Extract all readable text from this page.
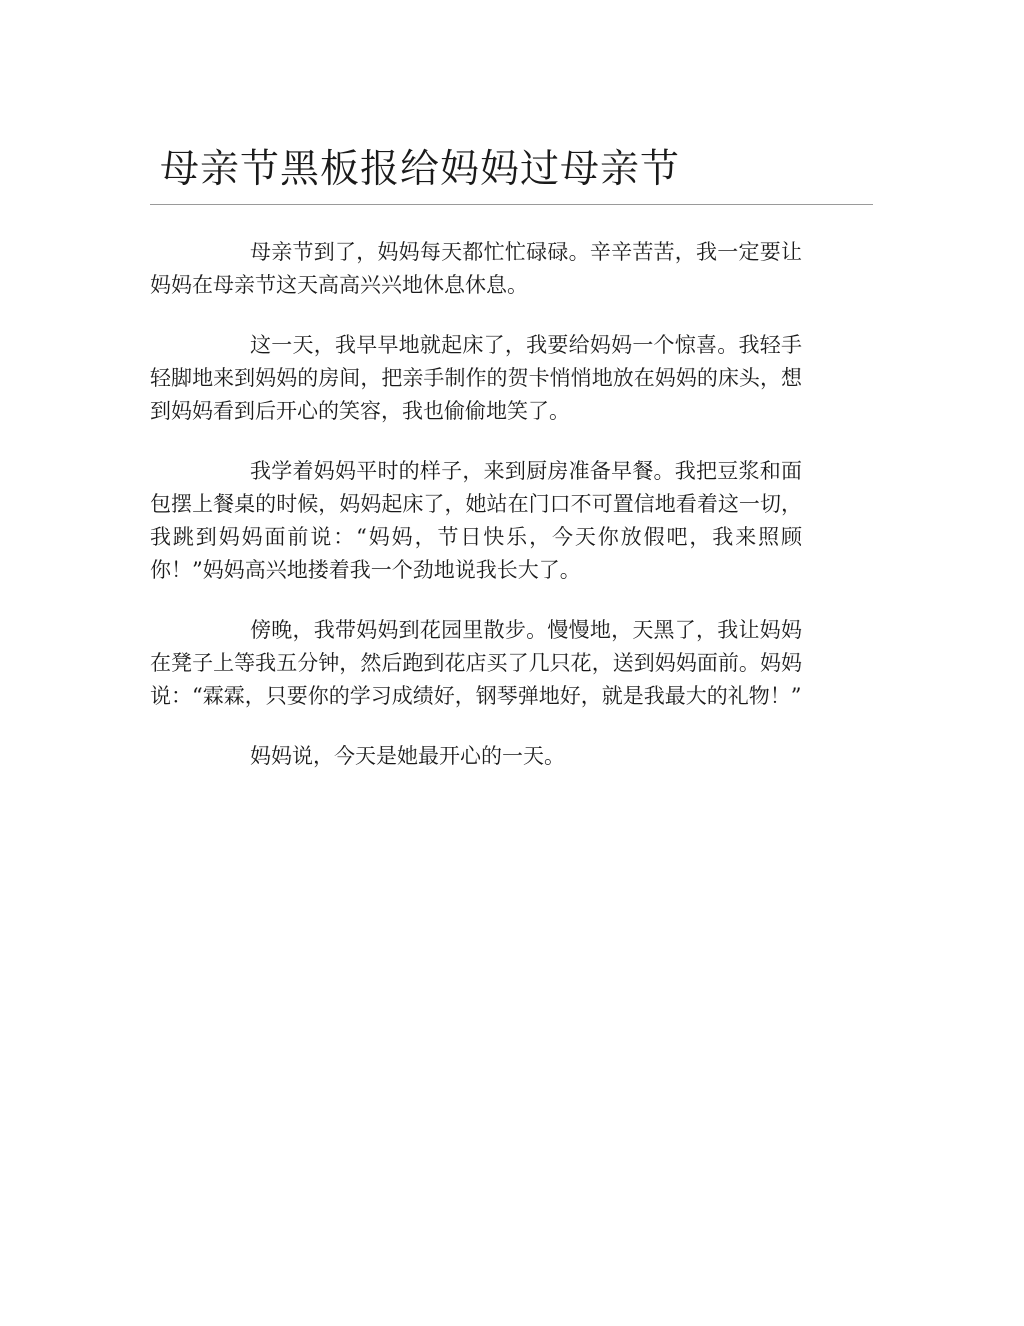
母亲节黑板报给妈妈过母亲节

母亲节到了，妈妈每天都忙忙碌碌。辛辛苦苦，我一定要让妈妈在母亲节这天高高兴兴地休息休息。

这一天，我早早地就起床了，我要给妈妈一个惊喜。我轻手轻脚地来到妈妈的房间，把亲手制作的贺卡悄悄地放在妈妈的床头，想到妈妈看到后开心的笑容，我也偷偷地笑了。

我学着妈妈平时的样子，来到厨房准备早餐。我把豆浆和面包摆上餐桌的时候，妈妈起床了，她站在门口不可置信地看着这一切，我跳到妈妈面前说：“妈妈，节日快乐，今天你放假吧，我来照顾你！”妈妈高兴地搂着我一个劲地说我长大了。

傍晚，我带妈妈到花园里散步。慢慢地，天黑了，我让妈妈在凳子上等我五分钟，然后跑到花店买了几只花，送到妈妈面前。妈妈说：“霖霖，只要你的学习成绩好，钢琴弹地好，就是我最大的礼物！”

妈妈说，今天是她最开心的一天。
